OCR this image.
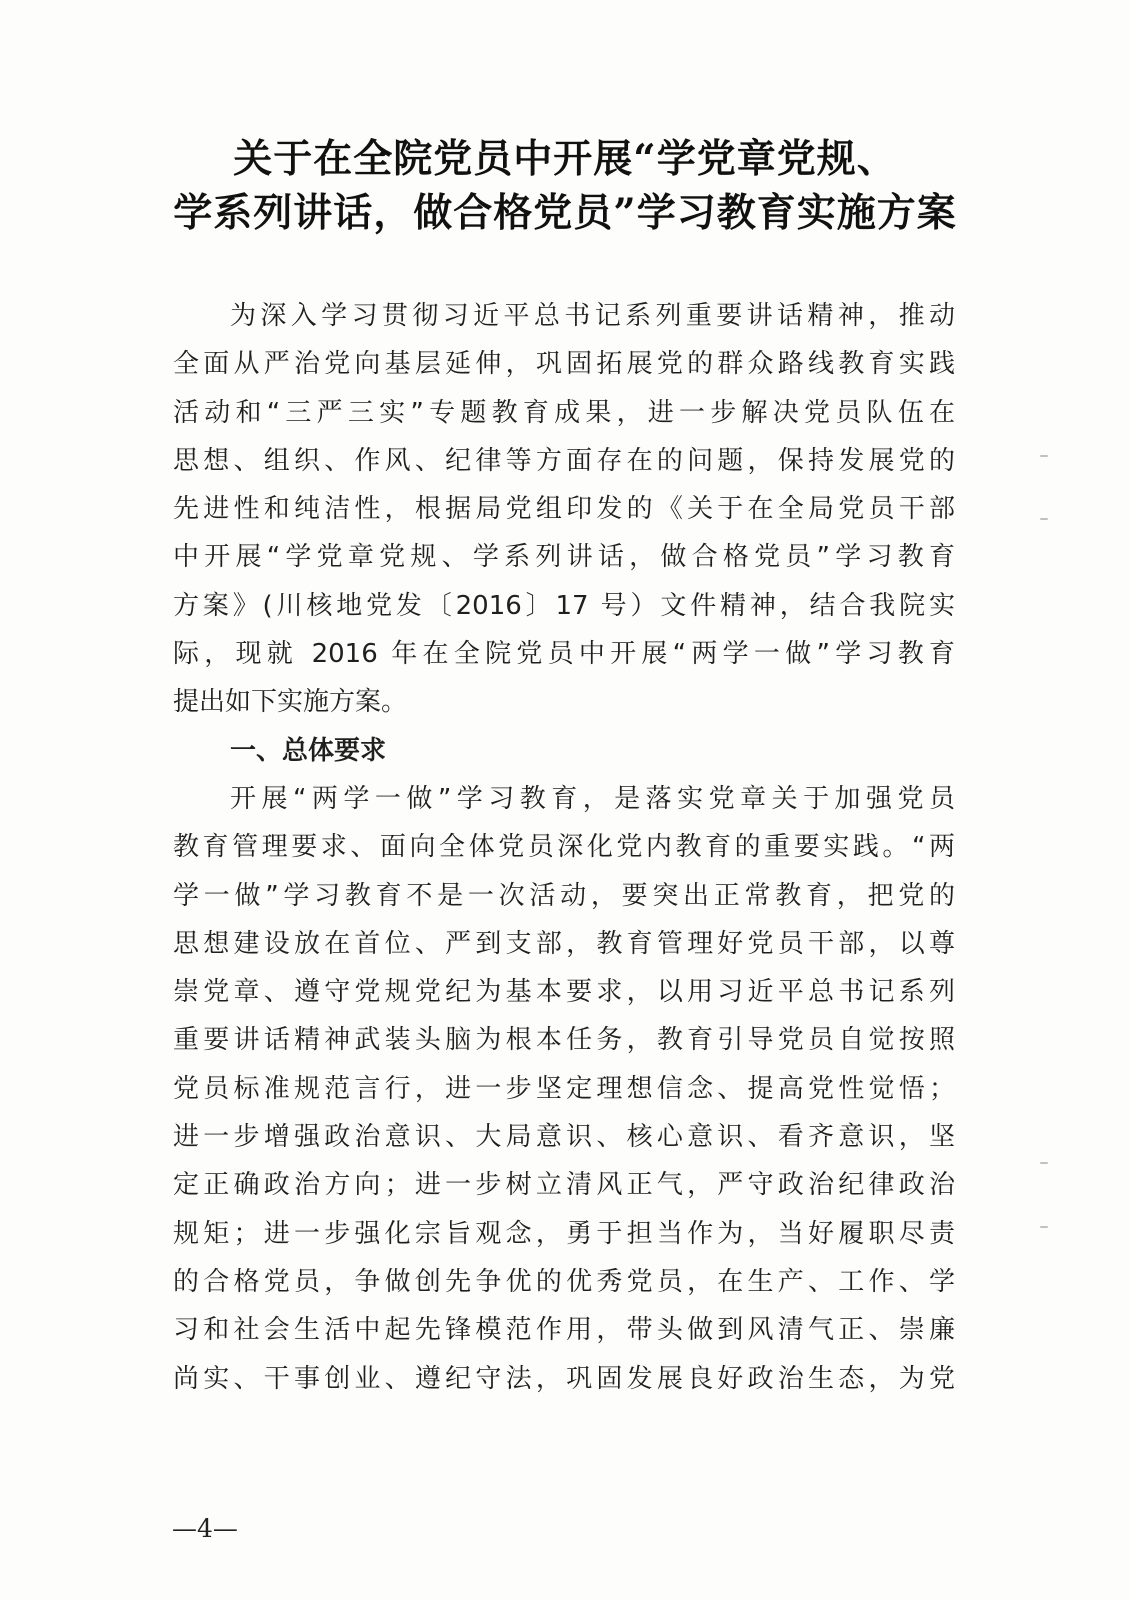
关于在全院党员中开展“学党章党规、
学系列讲话，做合格党员”学习教育实施方案
为深入学习贯彻习近平总书记系列重要讲话精神，推动
全面从严治党向基层延伸，巩固拓展党的群众路线教育实践
活动和“三严三实”专题教育成果，进一步解决党员队伍在
思想、组织、作风、纪律等方面存在的问题，保持发展党的
先进性和纯洁性，根据局党组印发的《关于在全局党员干部
中开展“学党章党规、学系列讲话，做合格党员”学习教育
方案》(川核地党发〔2016〕17 号）文件精神，结合我院实
际，现就 2016 年在全院党员中开展“两学一做”学习教育
提出如下实施方案。
一、总体要求
开展“两学一做”学习教育，是落实党章关于加强党员
教育管理要求、面向全体党员深化党内教育的重要实践。“两
学一做”学习教育不是一次活动，要突出正常教育，把党的
思想建设放在首位、严到支部，教育管理好党员干部，以尊
崇党章、遵守党规党纪为基本要求，以用习近平总书记系列
重要讲话精神武装头脑为根本任务，教育引导党员自觉按照
党员标准规范言行，进一步坚定理想信念、提高党性觉悟；
进一步增强政治意识、大局意识、核心意识、看齐意识，坚
定正确政治方向；进一步树立清风正气，严守政治纪律政治
规矩；进一步强化宗旨观念，勇于担当作为，当好履职尽责
的合格党员，争做创先争优的优秀党员，在生产、工作、学
习和社会生活中起先锋模范作用，带头做到风清气正、崇廉
尚实、干事创业、遵纪守法，巩固发展良好政治生态，为党
—4—
